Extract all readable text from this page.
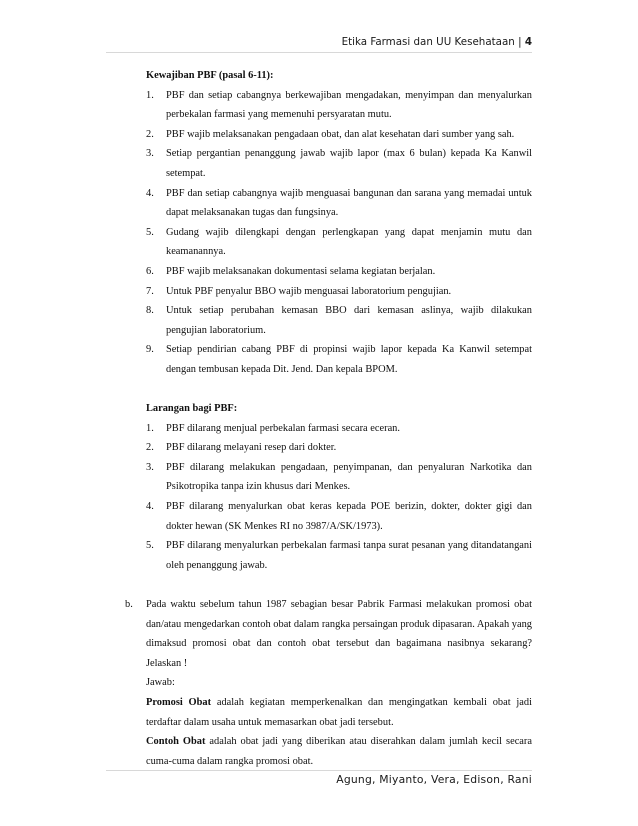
Etika Farmasi dan UU Kesehataan | 4

Kewajiban PBF (pasal 6-11):

1. PBF dan setiap cabangnya berkewajiban mengadakan, menyimpan dan menyalurkan perbekalan farmasi yang memenuhi persyaratan mutu.
2. PBF wajib melaksanakan pengadaan obat, dan alat kesehatan dari sumber yang sah.
3. Setiap pergantian penanggung jawab wajib lapor (max 6 bulan) kepada Ka Kanwil setempat.
4. PBF dan setiap cabangnya wajib menguasai bangunan dan sarana yang memadai untuk dapat melaksanakan tugas dan fungsinya.
5. Gudang wajib dilengkapi dengan perlengkapan yang dapat menjamin mutu dan keamanannya.
6. PBF wajib melaksanakan dokumentasi selama kegiatan berjalan.
7. Untuk PBF penyalur BBO wajib menguasai laboratorium pengujian.
8. Untuk setiap perubahan kemasan BBO dari kemasan aslinya, wajib dilakukan pengujian laboratorium.
9. Setiap pendirian cabang PBF di propinsi wajib lapor kepada Ka Kanwil setempat dengan tembusan kepada Dit. Jend. Dan kepala BPOM.

Larangan bagi PBF:

1. PBF dilarang menjual perbekalan farmasi secara eceran.
2. PBF dilarang melayani resep dari dokter.
3. PBF dilarang melakukan pengadaan, penyimpanan, dan penyaluran Narkotika dan Psikotropika tanpa izin khusus dari Menkes.
4. PBF dilarang menyalurkan obat keras kepada POE berizin, dokter, dokter gigi dan dokter hewan (SK Menkes RI no 3987/A/SK/1973).
5. PBF dilarang menyalurkan perbekalan farmasi tanpa surat pesanan yang ditandatangani oleh penanggung jawab.
b. Pada waktu sebelum tahun 1987 sebagian besar Pabrik Farmasi melakukan promosi obat dan/atau mengedarkan contoh obat dalam rangka persaingan produk dipasaran. Apakah yang dimaksud promosi obat dan contoh obat tersebut dan bagaimana nasibnya sekarang? Jelaskan !
Jawab:
Promosi Obat adalah kegiatan memperkenalkan dan mengingatkan kembali obat jadi terdaftar dalam usaha untuk memasarkan obat jadi tersebut.
Contoh Obat adalah obat jadi yang diberikan atau diserahkan dalam jumlah kecil secara cuma-cuma dalam rangka promosi obat.
Agung, Miyanto, Vera, Edison, Rani
